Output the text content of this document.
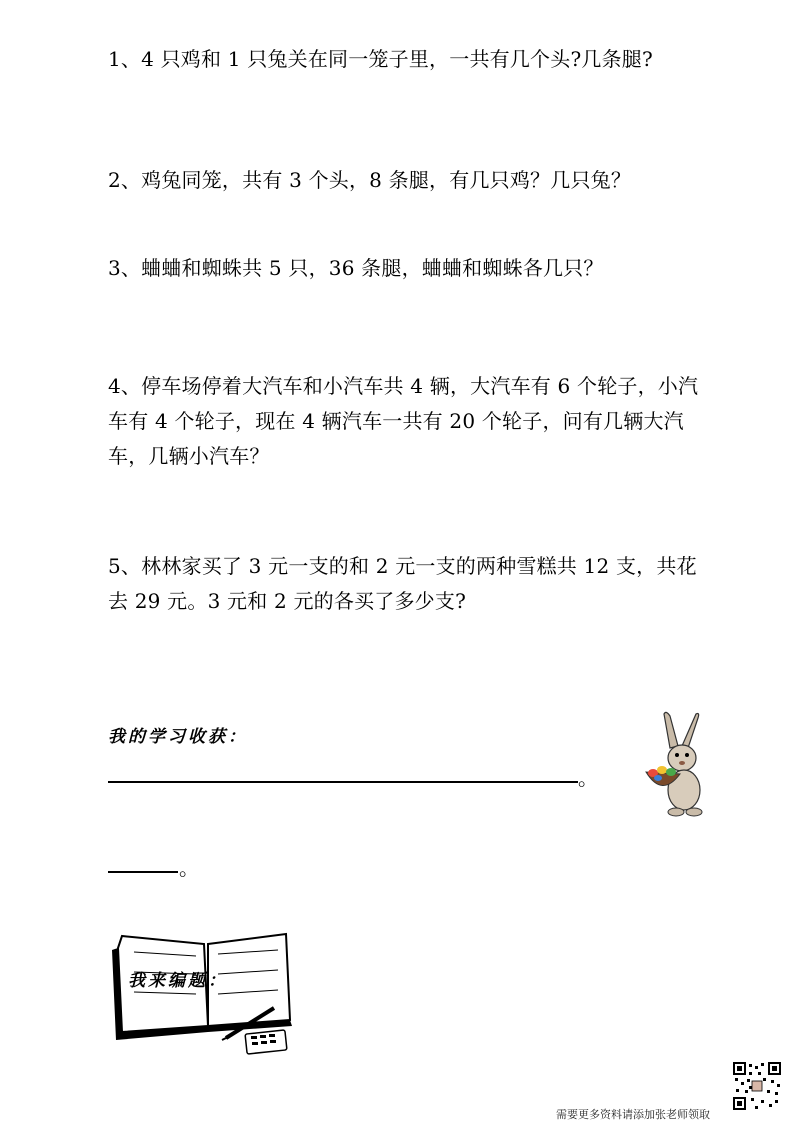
1、4 只鸡和 1 只兔关在同一笼子里，一共有几个头?几条腿?
2、鸡兔同笼，共有 3 个头，8 条腿，有几只鸡？几只兔？
3、蛐蛐和蜘蛛共 5 只，36 条腿，蛐蛐和蜘蛛各几只？
4、停车场停着大汽车和小汽车共 4 辆，大汽车有 6 个轮子，小汽车有 4 个轮子，现在 4 辆汽车一共有 20 个轮子，问有几辆大汽车，几辆小汽车？
5、林林家买了 3 元一支的和 2 元一支的两种雪糕共 12 支，共花去 29 元。3 元和 2 元的各买了多少支?
我的学习收获：
。
。
我来编题：
需要更多资料请添加张老师领取
